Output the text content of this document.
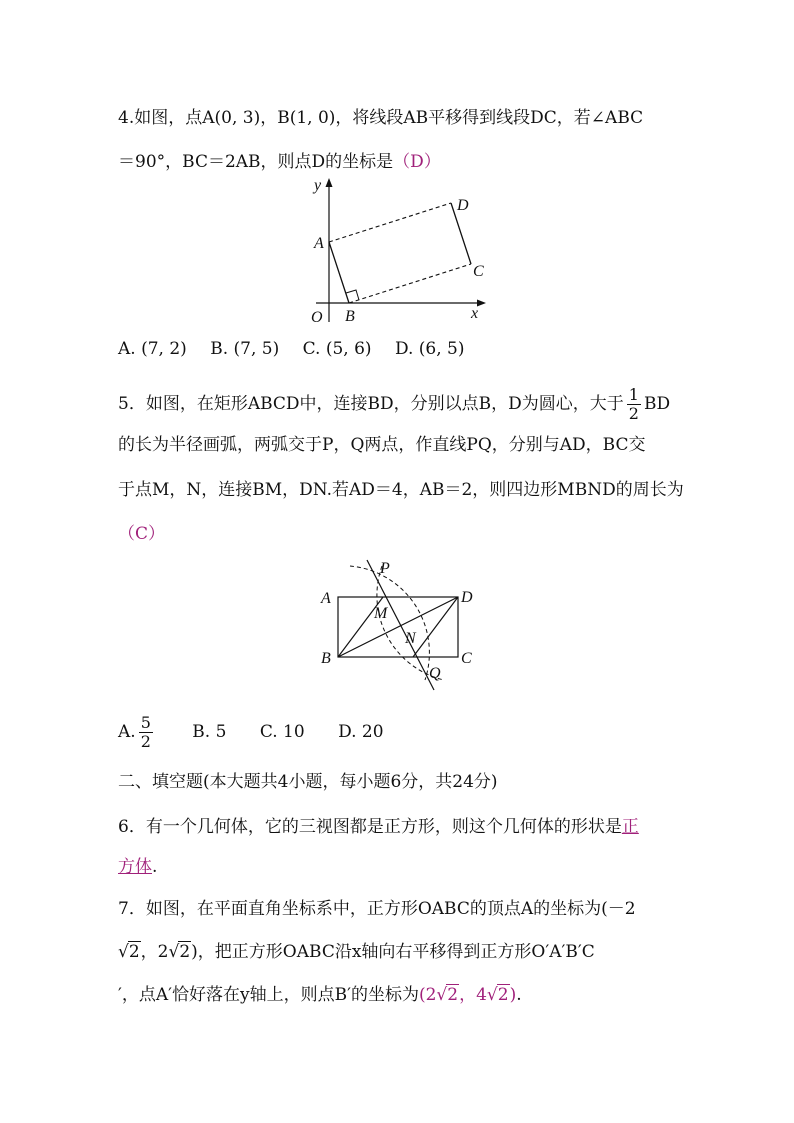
4.如图，点A(0, 3)，B(1, 0)，将线段AB平移得到线段DC，若∠ABC
＝90°，BC＝2AB，则点D的坐标是（D）
y
A
D
C
O B	x
A. (7, 2) B. (7, 5) C. (5, 6) D. (6, 5)
5．如图，在矩形ABCD中，连接BD，分别以点B，D为圆心，大于 $\frac{1}{2}$ BD
的长为半径画弧，两弧交于P，Q两点，作直线PQ，分别与AD，BC交
于点M，N，连接BM，DN.若AD＝4，AB＝2，则四边形MBND的周长为
（C）
P
A	D
M
N
B	C
Q
A. $\frac{5}{2} B$. 5 C. 10 D. 20
二、填空题(本大题共4小题，每小题6分，共24分)
6．有一个几何体，它的三视图都是正方形，则这个几何体的形状是正
方体.
7．如图，在平面直角坐标系中，正方形OABC的顶点A的坐标为(－2
√2，2√2)，把正方形OABC沿x轴向右平移得到正方形O′A′B′C
′，点A′恰好落在y轴上，则点B′的坐标为(2√2，4√2).
